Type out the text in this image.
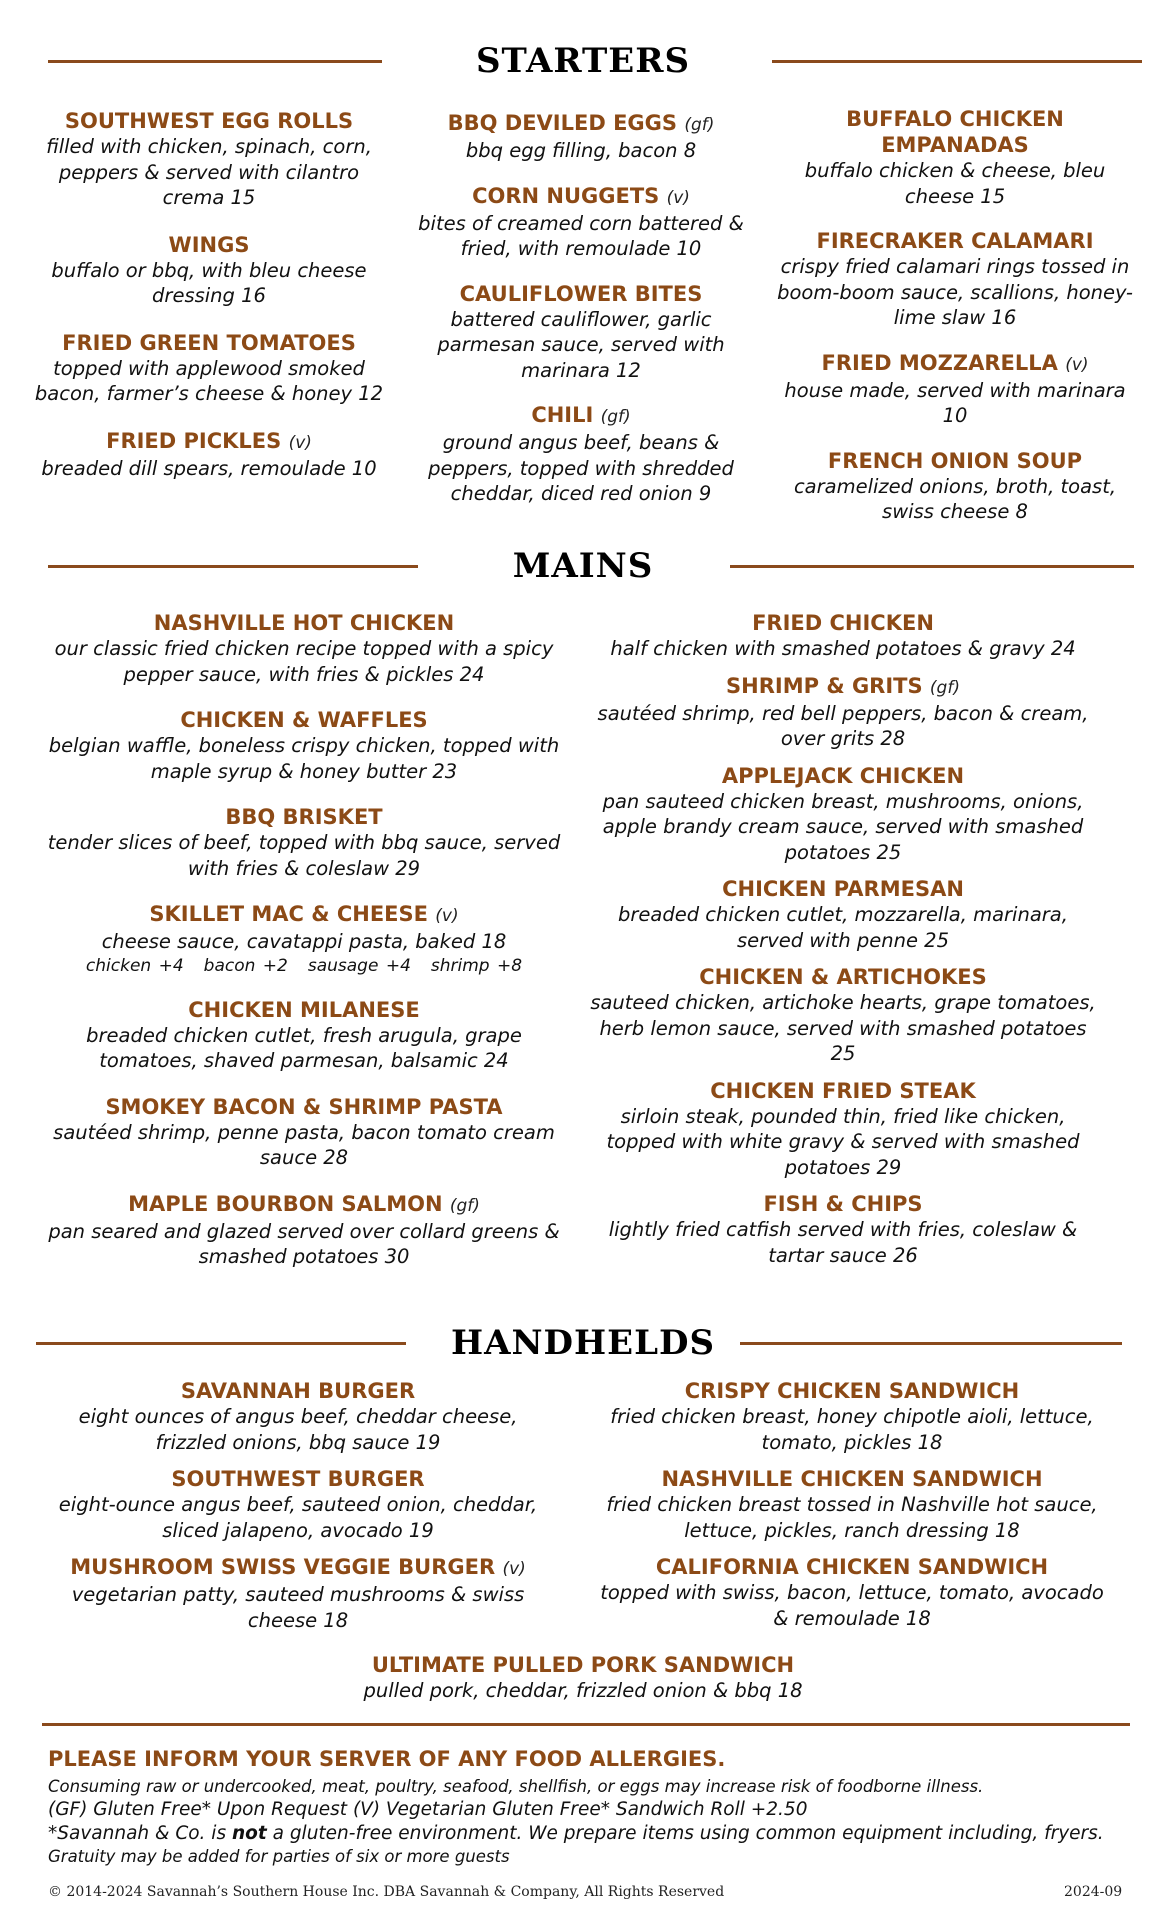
STARTERS
SOUTHWEST EGG ROLLS
filled with chicken, spinach, corn, peppers & served with cilantro crema 15
WINGS
buffalo or bbq, with bleu cheese dressing 16
FRIED GREEN TOMATOES
topped with applewood smoked bacon, farmer’s cheese & honey 12
FRIED PICKLES (v)
breaded dill spears, remoulade 10
BBQ DEVILED EGGS (gf)
bbq egg filling, bacon 8
CORN NUGGETS (v)
bites of creamed corn battered & fried, with remoulade 10
CAULIFLOWER BITES
battered cauliflower, garlic parmesan sauce, served with marinara 12
CHILI (gf)
ground angus beef, beans & peppers, topped with shredded cheddar, diced red onion 9
BUFFALO CHICKEN EMPANADAS
buffalo chicken & cheese, bleu cheese 15
FIRECRAKER CALAMARI
crispy fried calamari rings tossed in boom-boom sauce, scallions, honey-lime slaw 16
FRIED MOZZARELLA (v)
house made, served with marinara 10
FRENCH ONION SOUP
caramelized onions, broth, toast, swiss cheese 8
MAINS
NASHVILLE HOT CHICKEN
our classic fried chicken recipe topped with a spicy pepper sauce, with fries & pickles 24
CHICKEN & WAFFLES
belgian waffle, boneless crispy chicken, topped with maple syrup & honey butter 23
BBQ BRISKET
tender slices of beef, topped with bbq sauce, served with fries & coleslaw 29
SKILLET MAC & CHEESE (v)
cheese sauce, cavatappi pasta, baked 18
chicken +4 bacon +2 sausage +4 shrimp +8
CHICKEN MILANESE
breaded chicken cutlet, fresh arugula, grape tomatoes, shaved parmesan, balsamic 24
SMOKEY BACON & SHRIMP PASTA
sautéed shrimp, penne pasta, bacon tomato cream sauce 28
MAPLE BOURBON SALMON (gf)
pan seared and glazed served over collard greens & smashed potatoes 30
FRIED CHICKEN
half chicken with smashed potatoes & gravy 24
SHRIMP & GRITS (gf)
sautéed shrimp, red bell peppers, bacon & cream, over grits 28
APPLEJACK CHICKEN
pan sauteed chicken breast, mushrooms, onions, apple brandy cream sauce, served with smashed potatoes 25
CHICKEN PARMESAN
breaded chicken cutlet, mozzarella, marinara, served with penne 25
CHICKEN & ARTICHOKES
sauteed chicken, artichoke hearts, grape tomatoes, herb lemon sauce, served with smashed potatoes 25
CHICKEN FRIED STEAK
sirloin steak, pounded thin, fried like chicken, topped with white gravy & served with smashed potatoes 29
FISH & CHIPS
lightly fried catfish served with fries, coleslaw & tartar sauce 26
HANDHELDS
SAVANNAH BURGER
eight ounces of angus beef, cheddar cheese, frizzled onions, bbq sauce 19
SOUTHWEST BURGER
eight-ounce angus beef, sauteed onion, cheddar, sliced jalapeno, avocado 19
MUSHROOM SWISS VEGGIE BURGER (v)
vegetarian patty, sauteed mushrooms & swiss cheese 18
CRISPY CHICKEN SANDWICH
fried chicken breast, honey chipotle aioli, lettuce, tomato, pickles 18
NASHVILLE CHICKEN SANDWICH
fried chicken breast tossed in Nashville hot sauce, lettuce, pickles, ranch dressing 18
CALIFORNIA CHICKEN SANDWICH
topped with swiss, bacon, lettuce, tomato, avocado & remoulade 18
ULTIMATE PULLED PORK SANDWICH
pulled pork, cheddar, frizzled onion & bbq 18
PLEASE INFORM YOUR SERVER OF ANY FOOD ALLERGIES.
Consuming raw or undercooked, meat, poultry, seafood, shellfish, or eggs may increase risk of foodborne illness.
(GF) Gluten Free* Upon Request (V) Vegetarian Gluten Free* Sandwich Roll +2.50
*Savannah & Co. is not a gluten-free environment. We prepare items using common equipment including, fryers.
Gratuity may be added for parties of six or more guests
© 2014-2024 Savannah’s Southern House Inc. DBA Savannah & Company, All Rights Reserved	2024-09
